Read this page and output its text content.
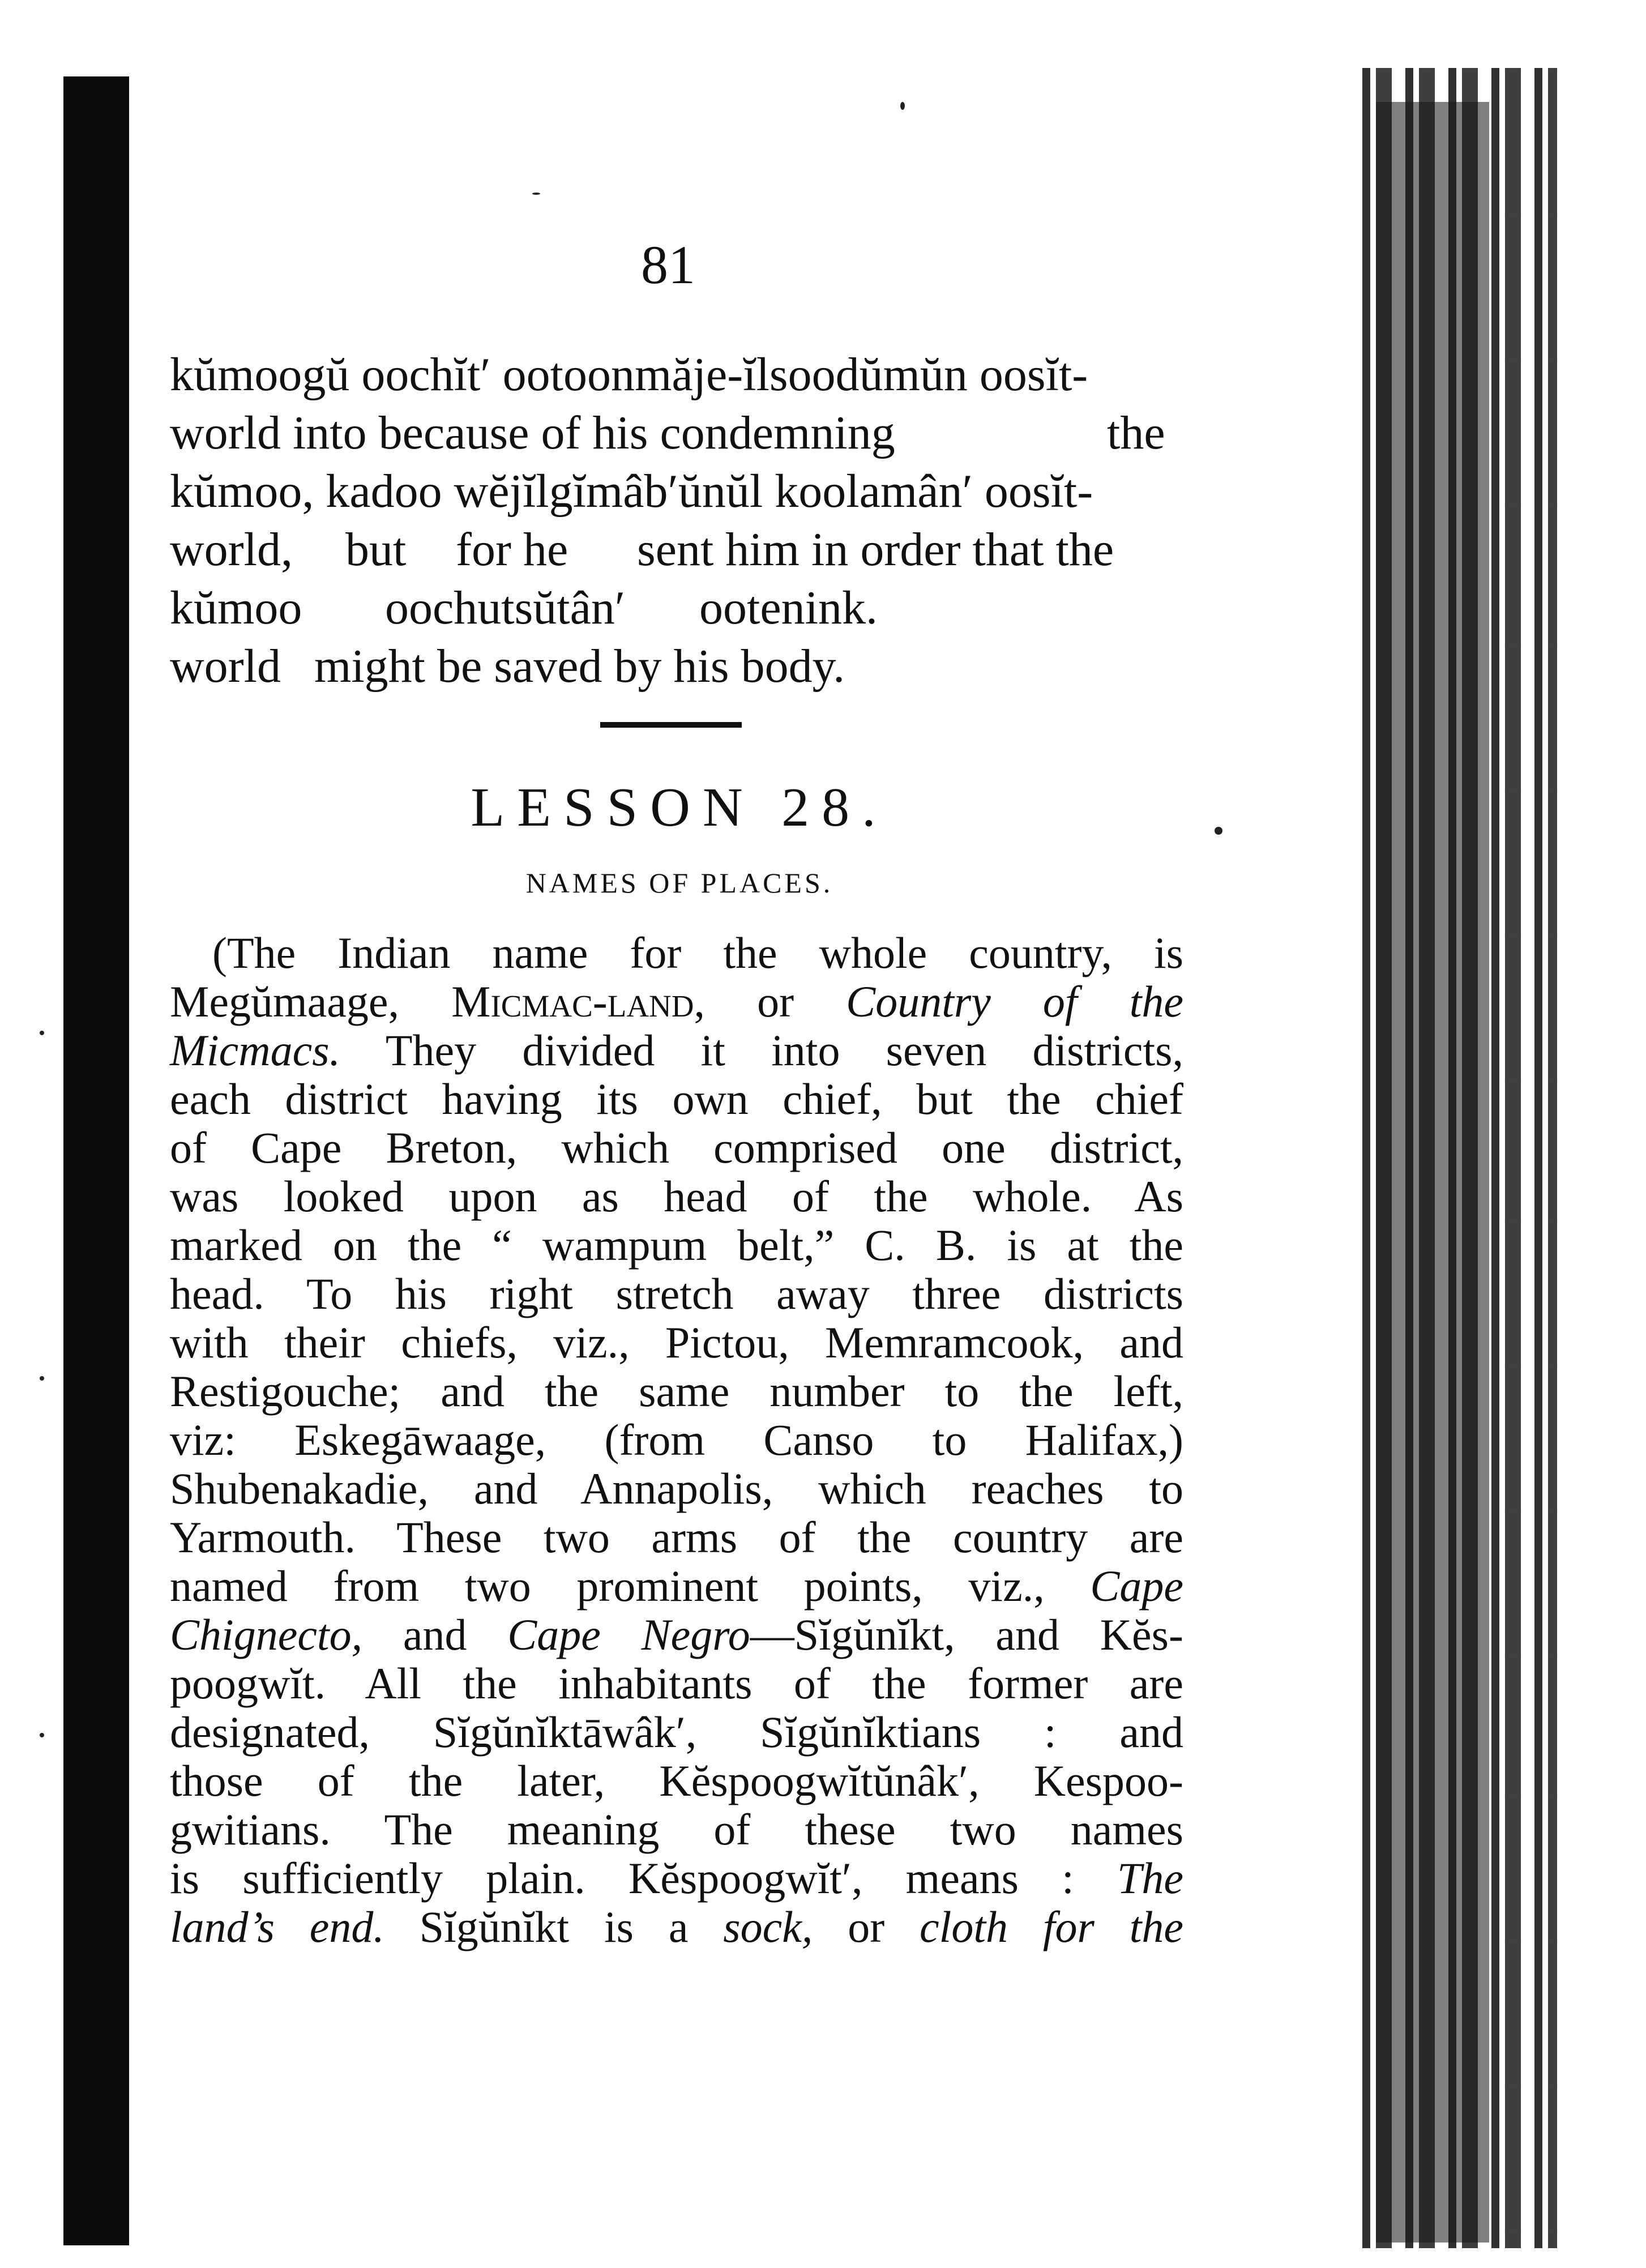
81
kŭmoogŭ oochĭt′ ootoonmăje-ĭlsoodŭmŭn oosĭt-
world into because of his condemning	the
kŭmoo, kadoo wĕjĭlgĭmâb′ŭnŭl koolamân′ oosĭt-
world, but for he sent him in order that the
kŭmoo oochutsŭtân′ ootenink.
world might be saved by his body.
LESSON 28.
NAMES OF PLACES.
(The Indian name for the whole country, is
Megŭmaage, Micmac-land, or Country of the
Micmacs. They divided it into seven districts,
each district having its own chief, but the chief
of Cape Breton, which comprised one district,
was looked upon as head of the whole. As
marked on the “ wampum belt,” C. B. is at the
head. To his right stretch away three districts
with their chiefs, viz., Pictou, Memramcook, and
Restigouche; and the same number to the left,
viz: Eskegāwaage, (from Canso to Halifax,)
Shubenakadie, and Annapolis, which reaches to
Yarmouth. These two arms of the country are
named from two prominent points, viz., Cape
Chignecto, and Cape Negro—Sĭgŭnĭkt, and Kĕs-
poogwĭt. All the inhabitants of the former are
designated, Sĭgŭnĭktāwâk′, Sĭgŭnĭktians : and
those of the later, Kĕspoogwĭtŭnâk′, Kespoo-
gwitians. The meaning of these two names
is sufficiently plain. Kĕspoogwĭt′, means : The
land’s end. Sĭgŭnĭkt is a sock, or cloth for the
